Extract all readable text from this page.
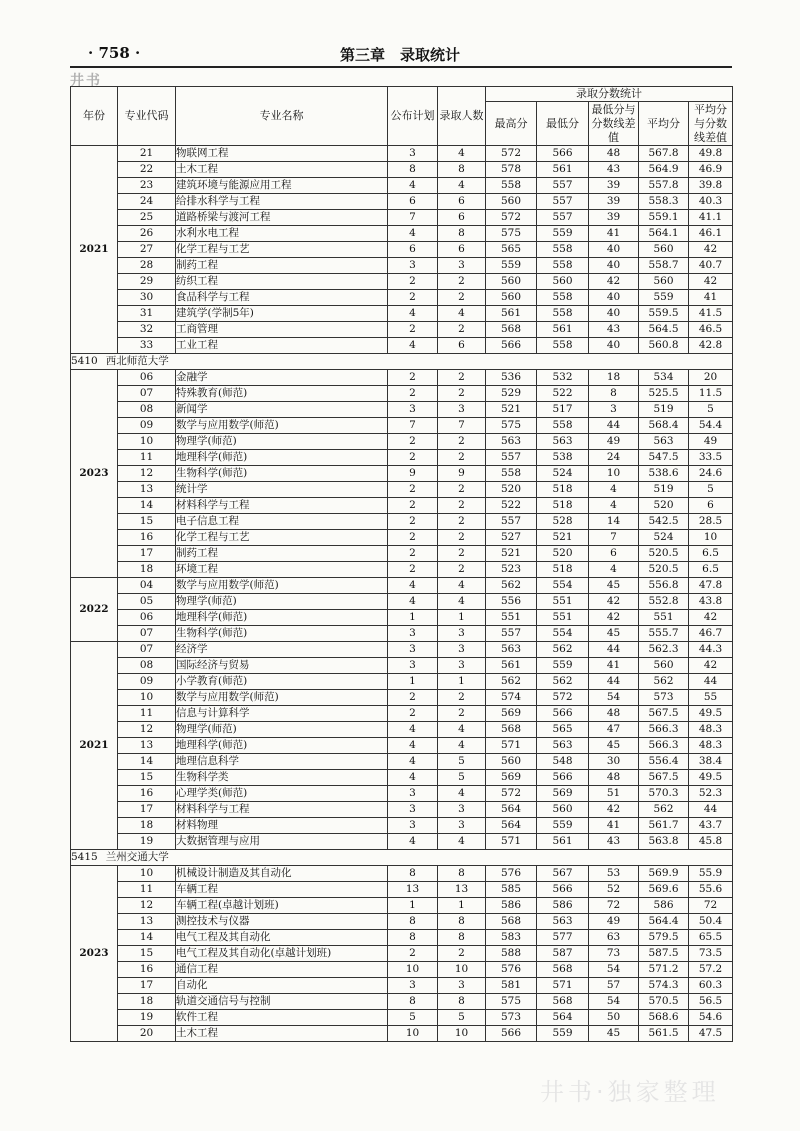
· 758 ·	第三章　录取统计
井书
年份	专业代码	专业名称	公布计划	录取人数	录取分数统计				
					最高分	最低分	最低分与分数线差值	平均分	平均分与分数线差值
2021	21	物联网工程	3	4	572	566	48	567.8	49.8
	22	土木工程	8	8	578	561	43	564.9	46.9
	23	建筑环境与能源应用工程	4	4	558	557	39	557.8	39.8
	24	给排水科学与工程	6	6	560	557	39	558.3	40.3
	25	道路桥梁与渡河工程	7	6	572	557	39	559.1	41.1
	26	水利水电工程	4	8	575	559	41	564.1	46.1
	27	化学工程与工艺	6	6	565	558	40	560	42
	28	制药工程	3	3	559	558	40	558.7	40.7
	29	纺织工程	2	2	560	560	42	560	42
	30	食品科学与工程	2	2	560	558	40	559	41
	31	建筑学(学制5年)	4	4	561	558	40	559.5	41.5
	32	工商管理	2	2	568	561	43	564.5	46.5
	33	工业工程	4	6	566	558	40	560.8	42.8
5410 西北师范大学									
2023	06	金融学	2	2	536	532	18	534	20
	07	特殊教育(师范)	2	2	529	522	8	525.5	11.5
	08	新闻学	3	3	521	517	3	519	5
	09	数学与应用数学(师范)	7	7	575	558	44	568.4	54.4
	10	物理学(师范)	2	2	563	563	49	563	49
	11	地理科学(师范)	2	2	557	538	24	547.5	33.5
	12	生物科学(师范)	9	9	558	524	10	538.6	24.6
	13	统计学	2	2	520	518	4	519	5
	14	材料科学与工程	2	2	522	518	4	520	6
	15	电子信息工程	2	2	557	528	14	542.5	28.5
	16	化学工程与工艺	2	2	527	521	7	524	10
	17	制药工程	2	2	521	520	6	520.5	6.5
	18	环境工程	2	2	523	518	4	520.5	6.5
2022	04	数学与应用数学(师范)	4	4	562	554	45	556.8	47.8
	05	物理学(师范)	4	4	556	551	42	552.8	43.8
	06	地理科学(师范)	1	1	551	551	42	551	42
	07	生物科学(师范)	3	3	557	554	45	555.7	46.7
2021	07	经济学	3	3	563	562	44	562.3	44.3
	08	国际经济与贸易	3	3	561	559	41	560	42
	09	小学教育(师范)	1	1	562	562	44	562	44
	10	数学与应用数学(师范)	2	2	574	572	54	573	55
	11	信息与计算科学	2	2	569	566	48	567.5	49.5
	12	物理学(师范)	4	4	568	565	47	566.3	48.3
	13	地理科学(师范)	4	4	571	563	45	566.3	48.3
	14	地理信息科学	4	5	560	548	30	556.4	38.4
	15	生物科学类	4	5	569	566	48	567.5	49.5
	16	心理学类(师范)	3	4	572	569	51	570.3	52.3
	17	材料科学与工程	3	3	564	560	42	562	44
	18	材料物理	3	3	564	559	41	561.7	43.7
	19	大数据管理与应用	4	4	571	561	43	563.8	45.8
5415 兰州交通大学									
2023	10	机械设计制造及其自动化	8	8	576	567	53	569.9	55.9
	11	车辆工程	13	13	585	566	52	569.6	55.6
	12	车辆工程(卓越计划班)	1	1	586	586	72	586	72
	13	测控技术与仪器	8	8	568	563	49	564.4	50.4
	14	电气工程及其自动化	8	8	583	577	63	579.5	65.5
	15	电气工程及其自动化(卓越计划班)	2	2	588	587	73	587.5	73.5
	16	通信工程	10	10	576	568	54	571.2	57.2
	17	自动化	3	3	581	571	57	574.3	60.3
	18	轨道交通信号与控制	8	8	575	568	54	570.5	56.5
	19	软件工程	5	5	573	564	50	568.6	54.6
	20	土木工程	10	10	566	559	45	561.5	47.5
井书·独家整理
